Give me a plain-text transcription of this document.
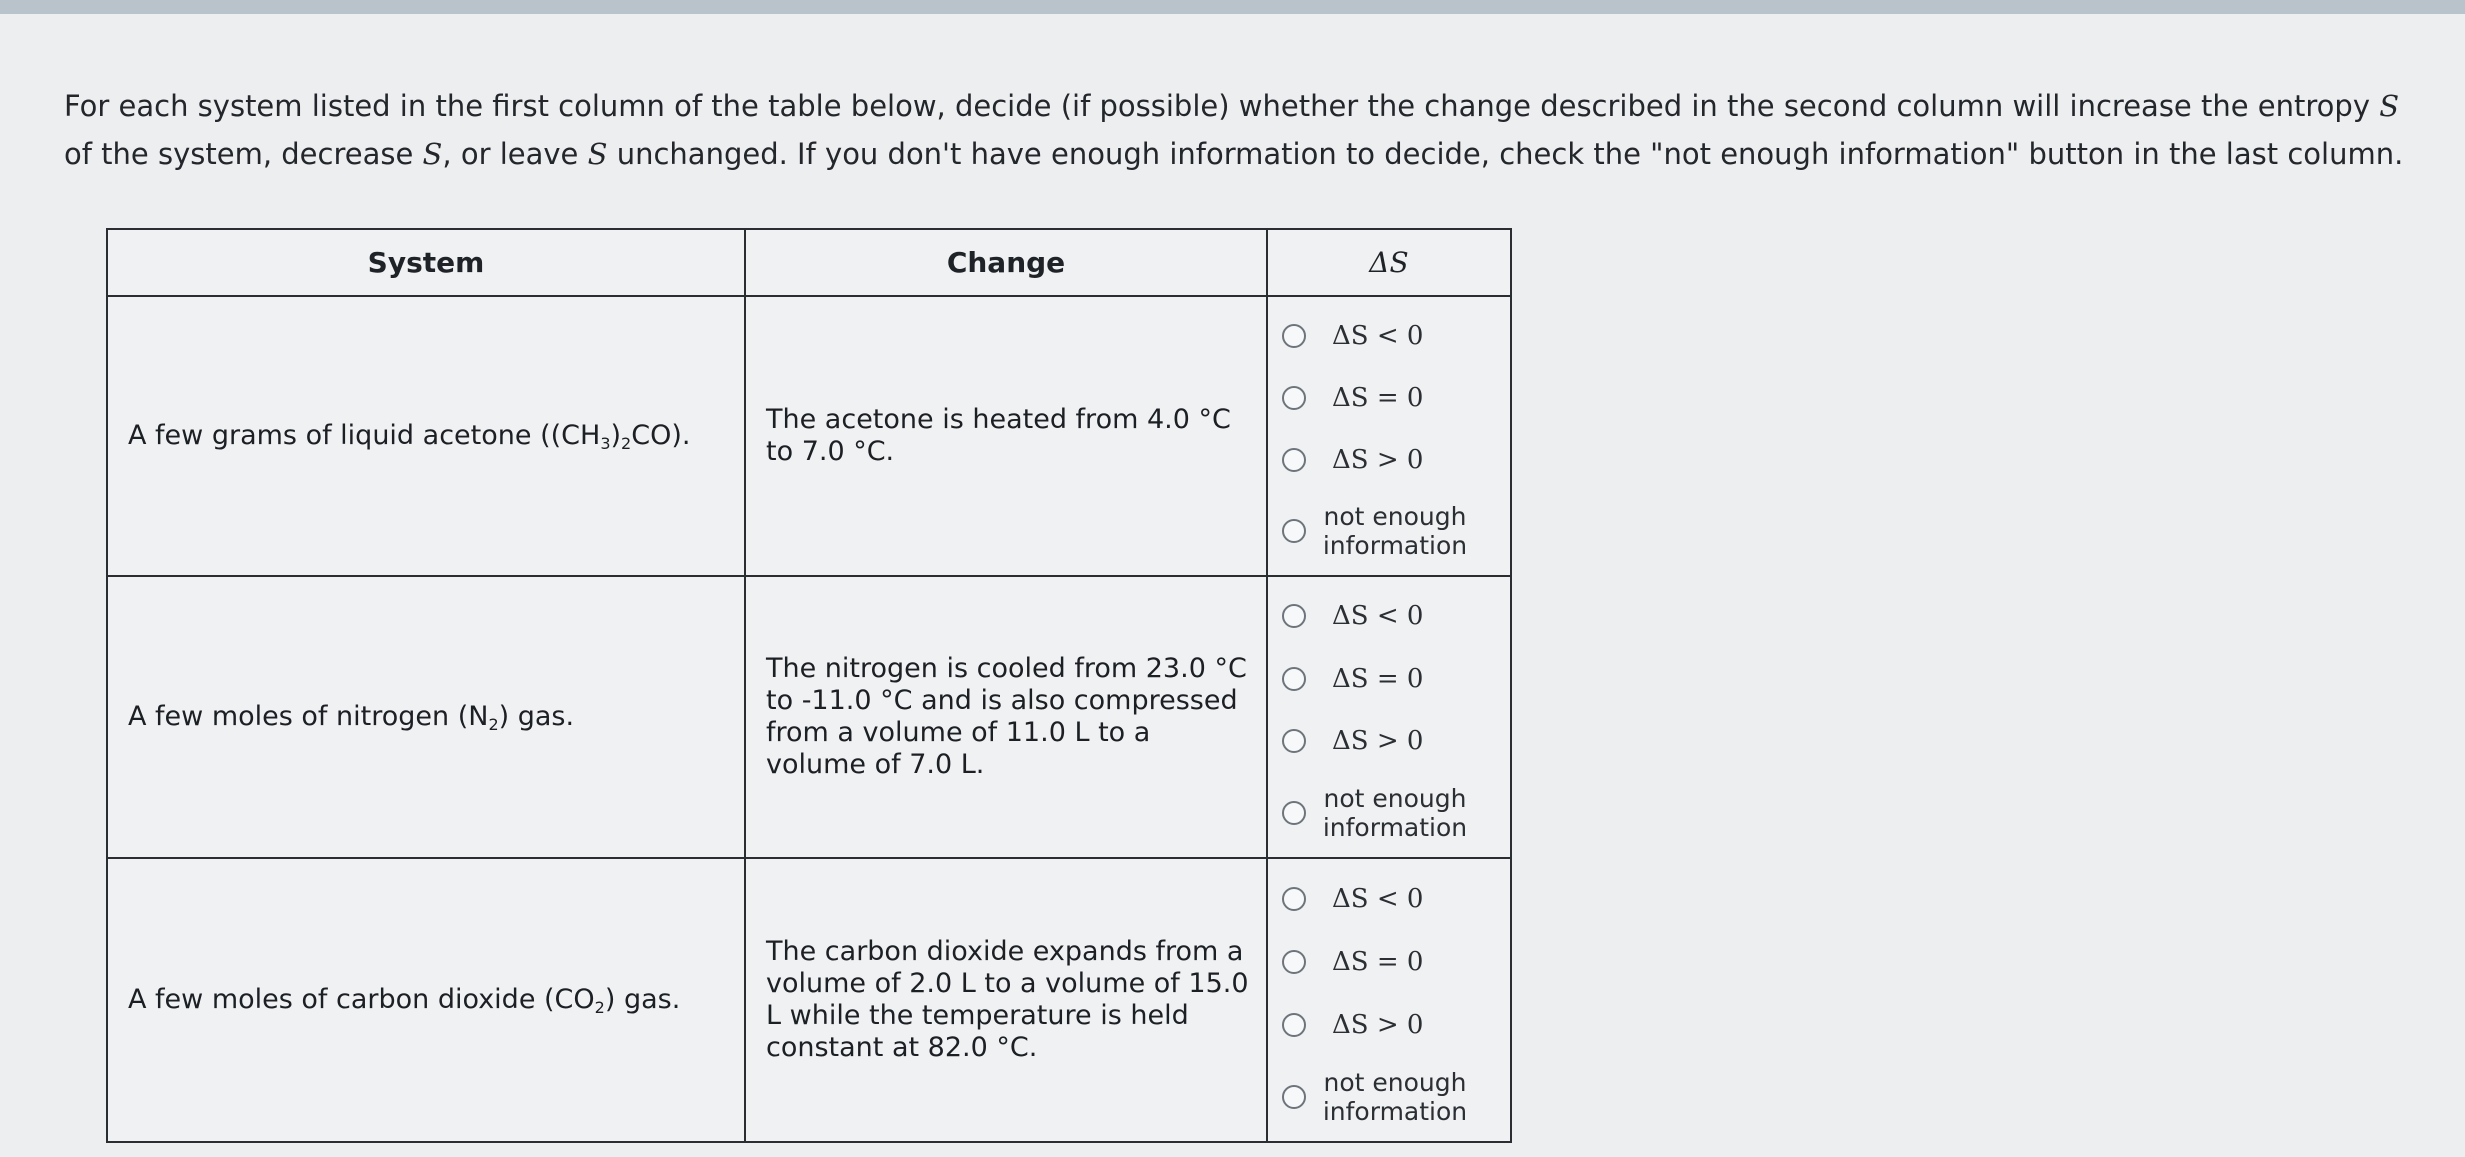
For each system listed in the first column of the table below, decide (if possible) whether the change described in the second column will increase the entropy S
of the system, decrease S, or leave S unchanged. If you don't have enough information to decide, check the "not enough information" button in the last column.
System	Change	ΔS
A few grams of liquid acetone $((CH_3)_2CO)$.	The acetone is heated from 4.0 °C to 7.0 °C.	ΔS < 0
ΔS = 0
ΔS > 0
not enough information

A few moles of nitrogen $(N_2)$ gas.	The nitrogen is cooled from 23.0 °C to -11.0 °C and is also compressed from a volume of 11.0 L to a volume of 7.0 L.	ΔS < 0
ΔS = 0
ΔS > 0
not enough information

A few moles of carbon dioxide $(CO_2)$ gas.	The carbon dioxide expands from a volume of 2.0 L to a volume of 15.0 L while the temperature is held constant at 82.0 °C.	ΔS < 0
ΔS = 0
ΔS > 0
not enough information
